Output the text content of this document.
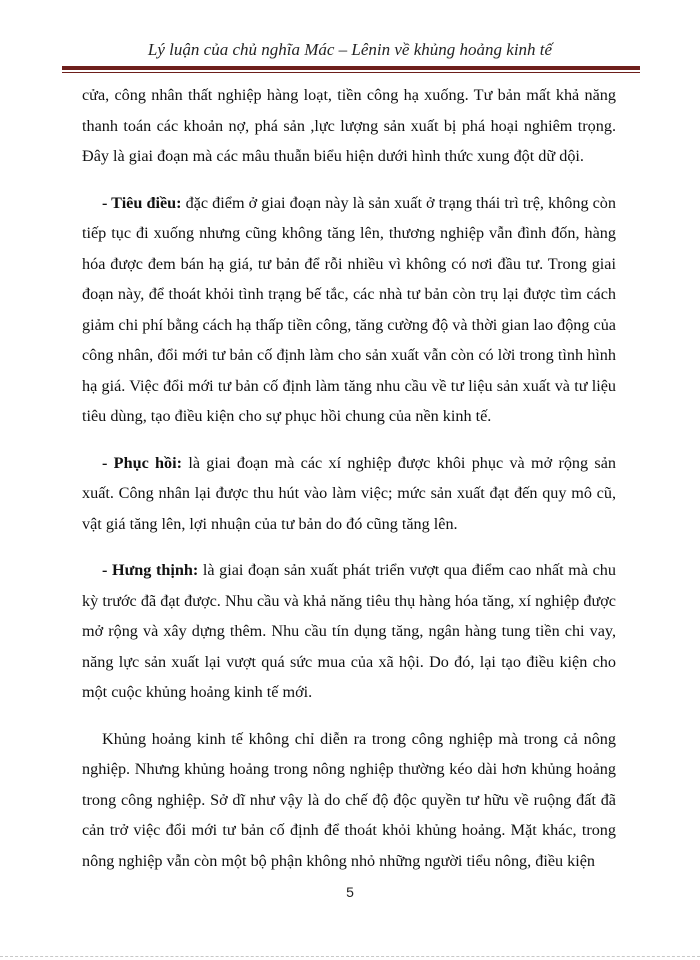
Lý luận của chủ nghĩa Mác – Lênin về khủng hoảng kinh tế

cửa, công nhân thất nghiệp hàng loạt, tiền công hạ xuống. Tư bản mất khả năng thanh toán các khoản nợ, phá sản ,lực lượng sản xuất bị phá hoại nghiêm trọng. Đây là giai đoạn mà các mâu thuẫn biểu hiện dưới hình thức xung đột dữ dội.

- Tiêu điều: đặc điểm ở giai đoạn này là sản xuất ở trạng thái trì trệ, không còn tiếp tục đi xuống nhưng cũng không tăng lên, thương nghiệp vẫn đình đốn, hàng hóa được đem bán hạ giá, tư bản để rỗi nhiều vì không có nơi đầu tư. Trong giai đoạn này, để thoát khỏi tình trạng bế tắc, các nhà tư bản còn trụ lại được tìm cách giảm chi phí bằng cách hạ thấp tiền công, tăng cường độ và thời gian lao động của công nhân, đổi mới tư bản cố định làm cho sản xuất vẫn còn có lời trong tình hình hạ giá. Việc đổi mới tư bản cố định làm tăng nhu cầu về tư liệu sản xuất và tư liệu tiêu dùng, tạo điều kiện cho sự phục hồi chung của nền kinh tế.

- Phục hồi: là giai đoạn mà các xí nghiệp được khôi phục và mở rộng sản xuất. Công nhân lại được thu hút vào làm việc; mức sản xuất đạt đến quy mô cũ, vật giá tăng lên, lợi nhuận của tư bản do đó cũng tăng lên.

- Hưng thịnh: là giai đoạn sản xuất phát triển vượt qua điểm cao nhất mà chu kỳ trước đã đạt được. Nhu cầu và khả năng tiêu thụ hàng hóa tăng, xí nghiệp được mở rộng và xây dựng thêm. Nhu cầu tín dụng tăng, ngân hàng tung tiền chi vay, năng lực sản xuất lại vượt quá sức mua của xã hội. Do đó, lại tạo điều kiện cho một cuộc khủng hoảng kinh tế mới.

Khủng hoảng kinh tế không chỉ diễn ra trong công nghiệp mà trong cả nông nghiệp. Nhưng khủng hoảng trong nông nghiệp thường kéo dài hơn khủng hoảng trong công nghiệp. Sở dĩ như vậy là do chế độ độc quyền tư hữu về ruộng đất đã cản trở việc đổi mới tư bản cố định để thoát khỏi khủng hoảng. Mặt khác, trong nông nghiệp vẫn còn một bộ phận không nhỏ những người tiểu nông, điều kiện

5
